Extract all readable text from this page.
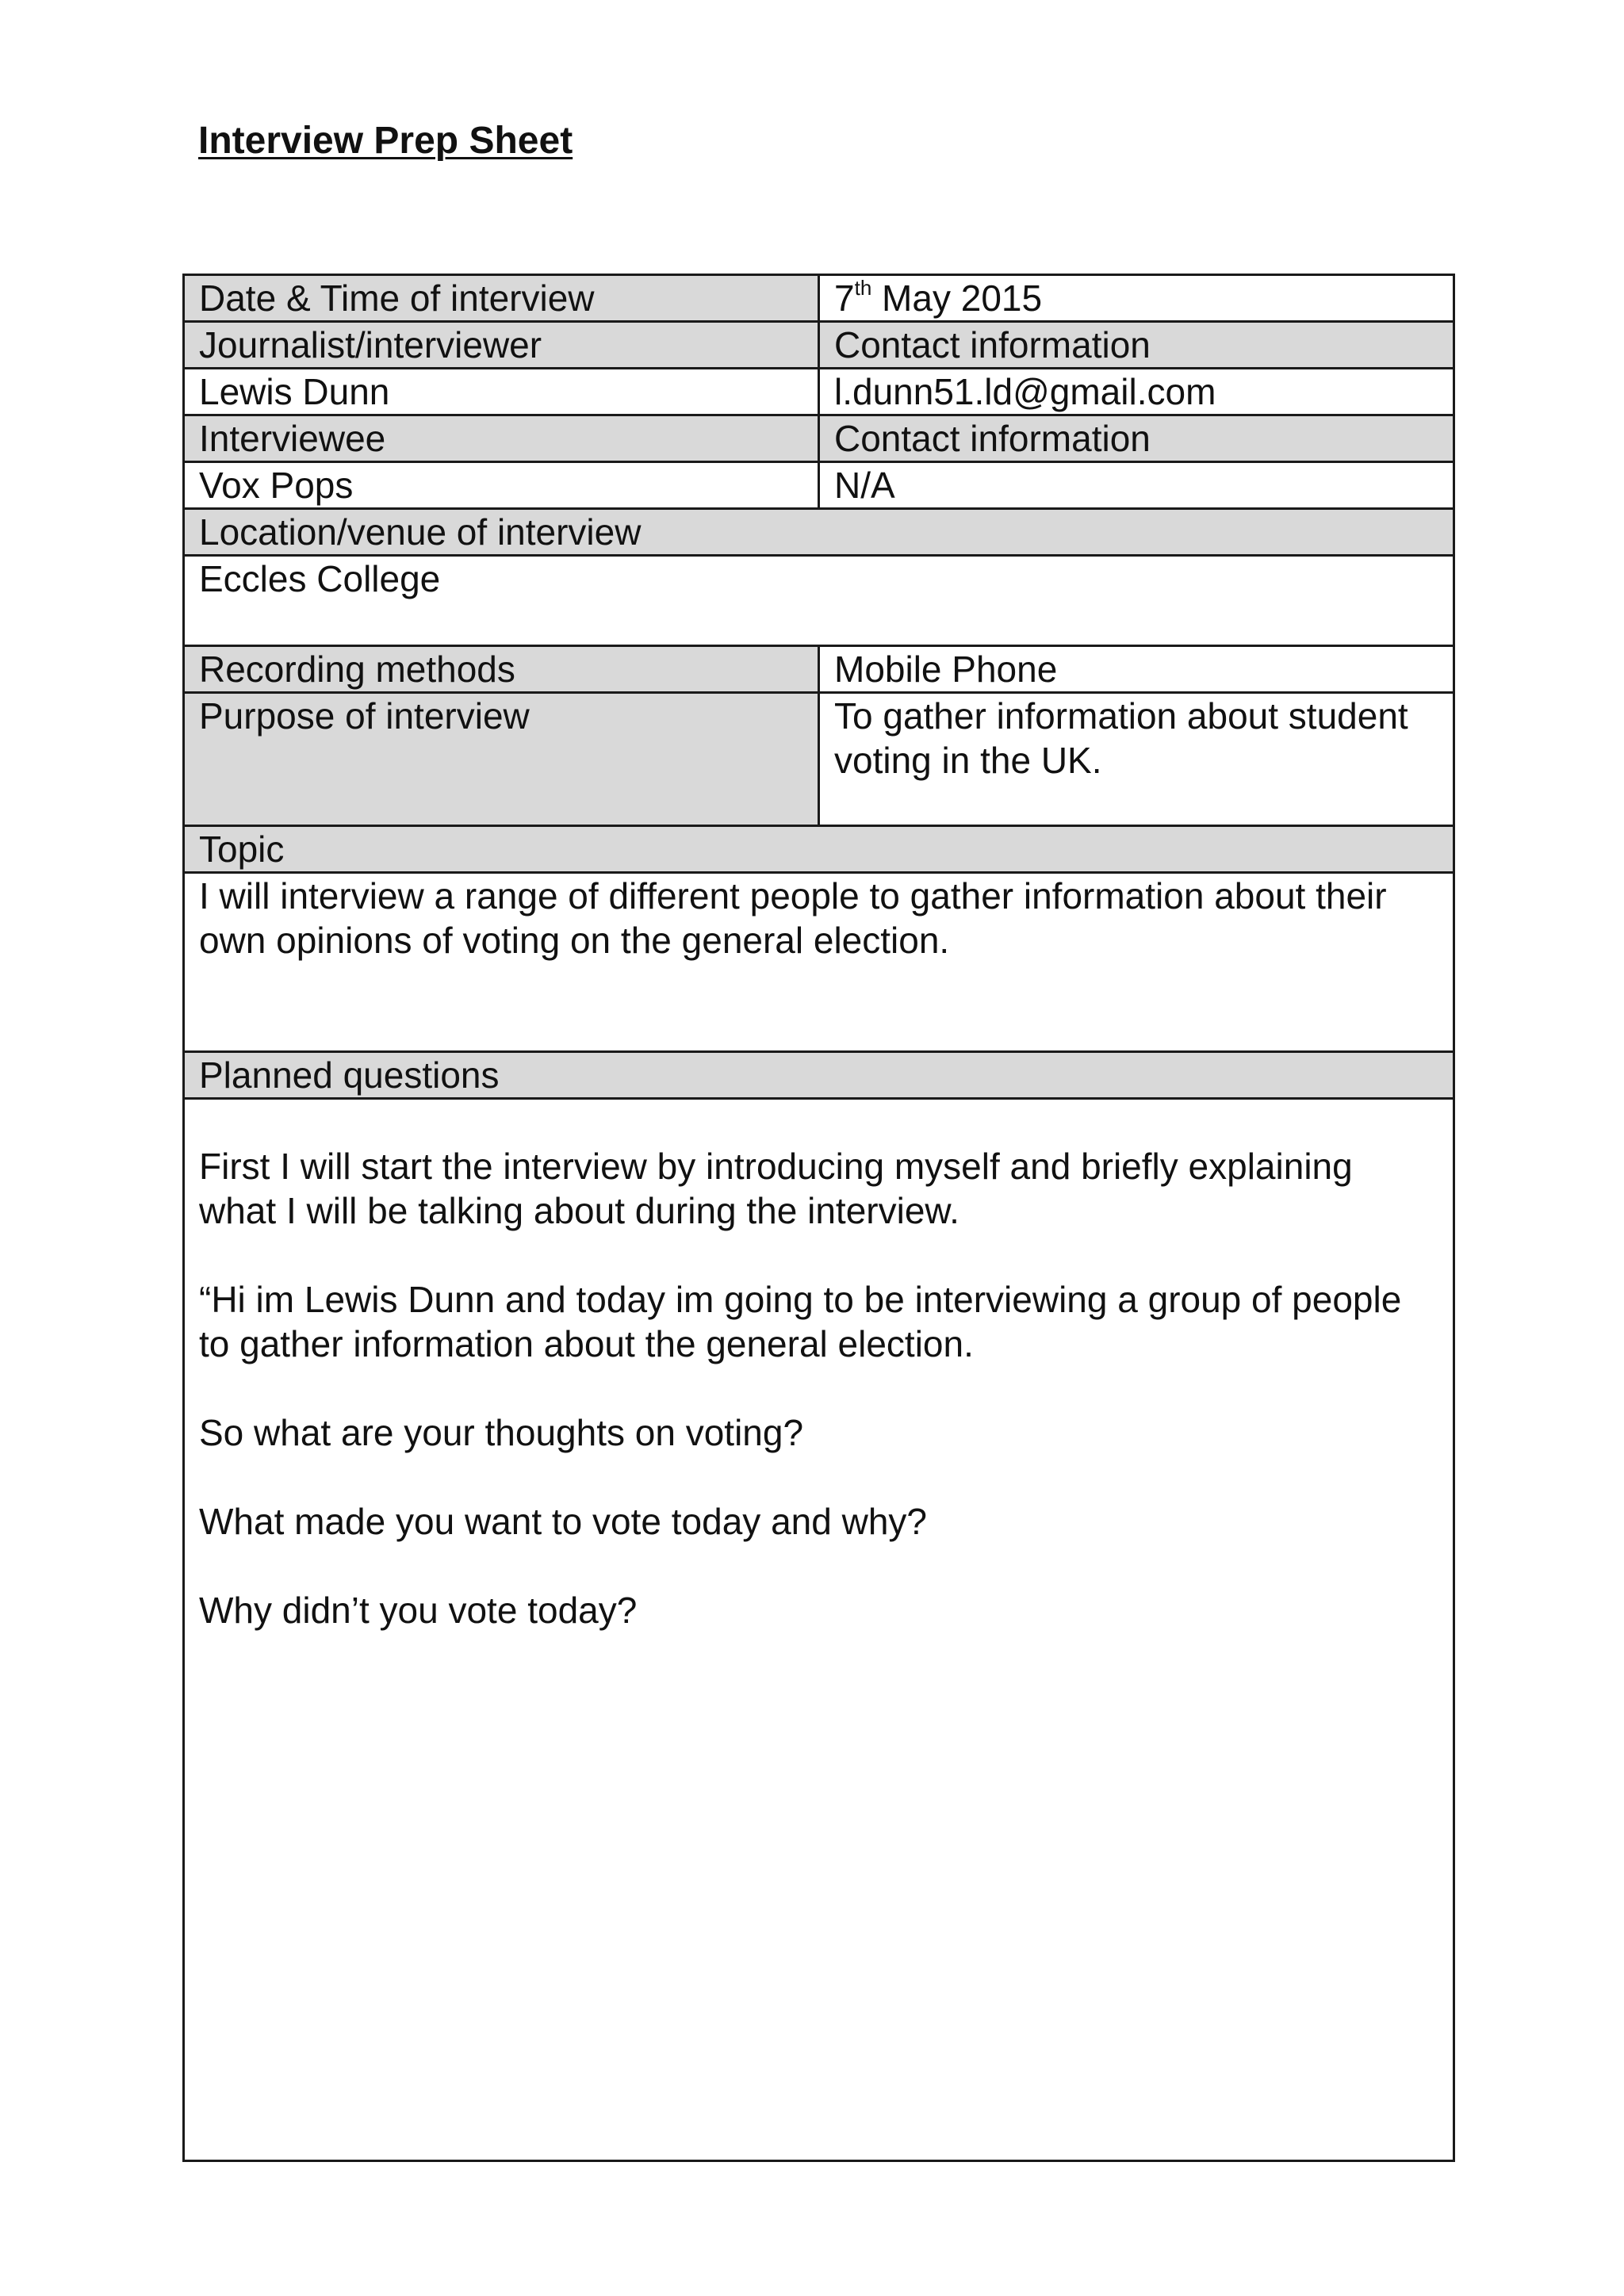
Interview Prep Sheet
Date & Time of interview	7th May 2015
Journalist/interviewer	Contact information
Lewis Dunn	l.dunn51.ld@gmail.com
Interviewee	Contact information
Vox Pops	N/A
Location/venue of interview	
Eccles College	
Recording methods	Mobile Phone
Purpose of interview	To gather information about student voting in the UK.
Topic	
I will interview a range of different people to gather information about their own opinions of voting on the general election.	
Planned questions	

First I will start the interview by introducing myself and briefly explaining what I will be talking about during the interview.

“Hi im Lewis Dunn and today im going to be interviewing a group of people to gather information about the general election.

So what are your thoughts on voting?

What made you want to vote today and why?

Why didn’t you vote today?	
